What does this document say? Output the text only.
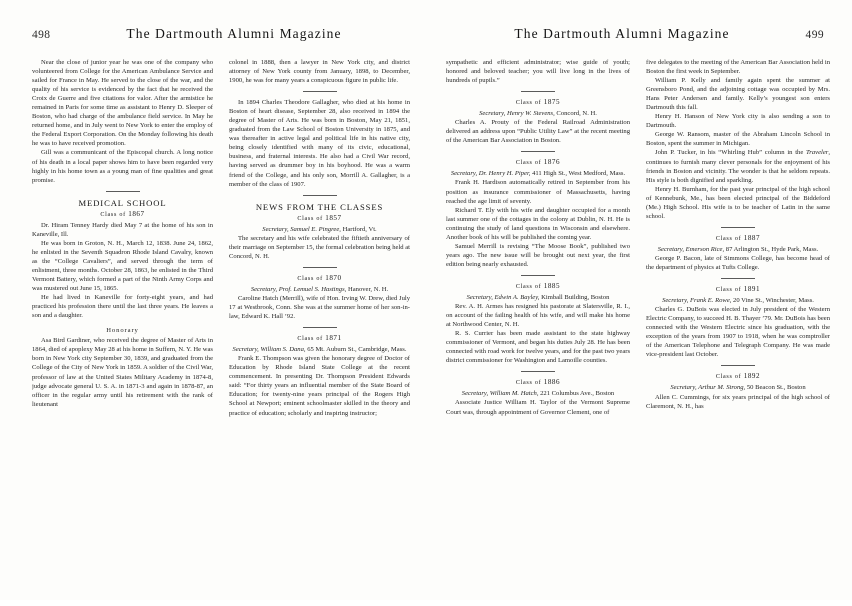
498	The Dartmouth Alumni Magazine

Near the close of junior year he was one of the company who volunteered from College for the American Ambulance Service and sailed for France in May. He served to the close of the war, and the quality of his service is evidenced by the fact that he received the Croix de Guerre and five citations for valor. After the armistice he remained in Paris for some time as assistant to Henry D. Sleeper of Boston, who had charge of the ambulance field service. In May he returned home, and in July went to New York to enter the employ of the Federal Export Corporation. On the Monday following his death he was to have received promotion.

Gill was a communicant of the Episcopal church. A long notice of his death in a local paper shows him to have been regarded very highly in his home town as a young man of fine qualities and great promise.

MEDICAL SCHOOL
Class of 1867

Dr. Hiram Tenney Hardy died May 7 at the home of his son in Kaneville, Ill.

He was born in Groton, N. H., March 12, 1838. June 24, 1862, he enlisted in the Seventh Squadron Rhode Island Cavalry, known as the “College Cavaliers”, and served through the term of enlistment, three months. October 28, 1863, he enlisted in the Third Vermont Battery, which formed a part of the Ninth Army Corps and was mustered out June 15, 1865.

He had lived in Kaneville for forty-eight years, and had practiced his profession there until the last three years. He leaves a son and a daughter.

Honorary

Asa Bird Gardiner, who received the degree of Master of Arts in 1864, died of apoplexy May 28 at his home in Suffern, N. Y. He was born in New York city September 30, 1839, and graduated from the College of the City of New York in 1859. A soldier of the Civil War, professor of law at the United States Military Academy in 1874-8, judge advocate general U. S. A. in 1871-3 and again in 1878-87, an officer in the regular army until his retirement with the rank of lieutenant

colonel in 1888, then a lawyer in New York city, and district attorney of New York county from January, 1898, to December, 1900, he was for many years a conspicuous figure in public life.

In 1894 Charles Theodore Gallagher, who died at his home in Boston of heart disease, September 28, also received in 1894 the degree of Master of Arts. He was born in Boston, May 21, 1851, graduated from the Law School of Boston University in 1875, and was thereafter in active legal and political life in his native city, being closely identified with many of its civic, educational, business, and fraternal interests. He also had a Civil War record, having served as drummer boy in his boyhood. He was a warm friend of the College, and his only son, Morrill A. Gallagher, is a member of the class of 1907.

NEWS FROM THE CLASSES
Class of 1857

Secretary, Samuel E. Pingree, Hartford, Vt.

The secretary and his wife celebrated the fiftieth anniversary of their marriage on September 15, the formal celebration being held at Concord, N. H.

Class of 1870

Secretary, Prof. Lemuel S. Hastings, Hanover, N. H.

Caroline Hatch (Merrill), wife of Hon. Irving W. Drew, died July 17 at Westbrook, Conn. She was at the summer home of her son-in-law, Edward K. Hall ’92.

Class of 1871

Secretary, William S. Dana, 65 Mt. Auburn St., Cambridge, Mass.

Frank E. Thompson was given the honorary degree of Doctor of Education by Rhode Island State College at the recent commencement. In presenting Dr. Thompson President Edwards said: “For thirty years an influential member of the State Board of Education; for twenty-nine years principal of the Rogers High School at Newport; eminent schoolmaster skilled in the theory and practice of education; scholarly and inspiring instructor;

The Dartmouth Alumni Magazine	499

sympathetic and efficient administrator; wise guide of youth; honored and beloved teacher; you will live long in the lives of hundreds of pupils.”

Class of 1875

Secretary, Henry W. Stevens, Concord, N. H.

Charles A. Prouty of the Federal Railroad Administration delivered an address upon “Public Utility Law” at the recent meeting of the American Bar Association in Boston.

Class of 1876

Secretary, Dr. Henry H. Piper, 411 High St., West Medford, Mass.

Frank H. Hardison automatically retired in September from his position as insurance commissioner of Massachusetts, having reached the age limit of seventy.

Richard T. Ely with his wife and daughter occupied for a month last summer one of the cottages in the colony at Dublin, N. H. He is continuing the study of land questions in Wisconsin and elsewhere. Another book of his will be published the coming year.

Samuel Merrill is revising “The Moose Book”, published two years ago. The new issue will be brought out next year, the first edition being nearly exhausted.

Class of 1885

Secretary, Edwin A. Bayley, Kimball Building, Boston

Rev. A. H. Armes has resigned his pastorate at Slatersville, R. I., on account of the failing health of his wife, and will make his home at Northwood Center, N. H.

R. S. Currier has been made assistant to the state highway commissioner of Vermont, and began his duties July 28. He has been connected with road work for twelve years, and for the past two years district commissioner for Washington and Lamoille counties.

Class of 1886

Secretary, William M. Hatch, 221 Columbus Ave., Boston

Associate Justice William H. Taylor of the Vermont Supreme Court was, through appointment of Governor Clement, one of

five delegates to the meeting of the American Bar Association held in Boston the first week in September.

William P. Kelly and family again spent the summer at Greensboro Pond, and the adjoining cottage was occupied by Mrs. Hans Peter Andersen and family. Kelly’s youngest son enters Dartmouth this fall.

Henry H. Hanson of New York city is also sending a son to Dartmouth.

George W. Ransom, master of the Abraham Lincoln School in Boston, spent the summer in Michigan.

John P. Tucker, in his “Whirling Hub” column in the Traveler, continues to furnish many clever personals for the enjoyment of his friends in Boston and vicinity. The wonder is that he seldom repeats. His style is both dignified and sparkling.

Henry H. Burnham, for the past year principal of the high school of Kennebunk, Me., has been elected principal of the Biddeford (Me.) High School. His wife is to be teacher of Latin in the same school.

Class of 1887

Secretary, Emerson Rice, 87 Arlington St., Hyde Park, Mass.

George P. Bacon, late of Simmons College, has become head of the department of physics at Tufts College.

Class of 1891

Secretary, Frank E. Rowe, 20 Vine St., Winchester, Mass.

Charles G. DuBois was elected in July president of the Western Electric Company, to succeed H. B. Thayer ’79. Mr. DuBois has been connected with the Western Electric since his graduation, with the exception of the years from 1907 to 1918, when he was comptroller of the American Telephone and Telegraph Company. He was made vice-president last October.

Class of 1892

Secretary, Arthur M. Strong, 50 Beacon St., Boston

Allen C. Cummings, for six years principal of the high school of Claremont, N. H., has
